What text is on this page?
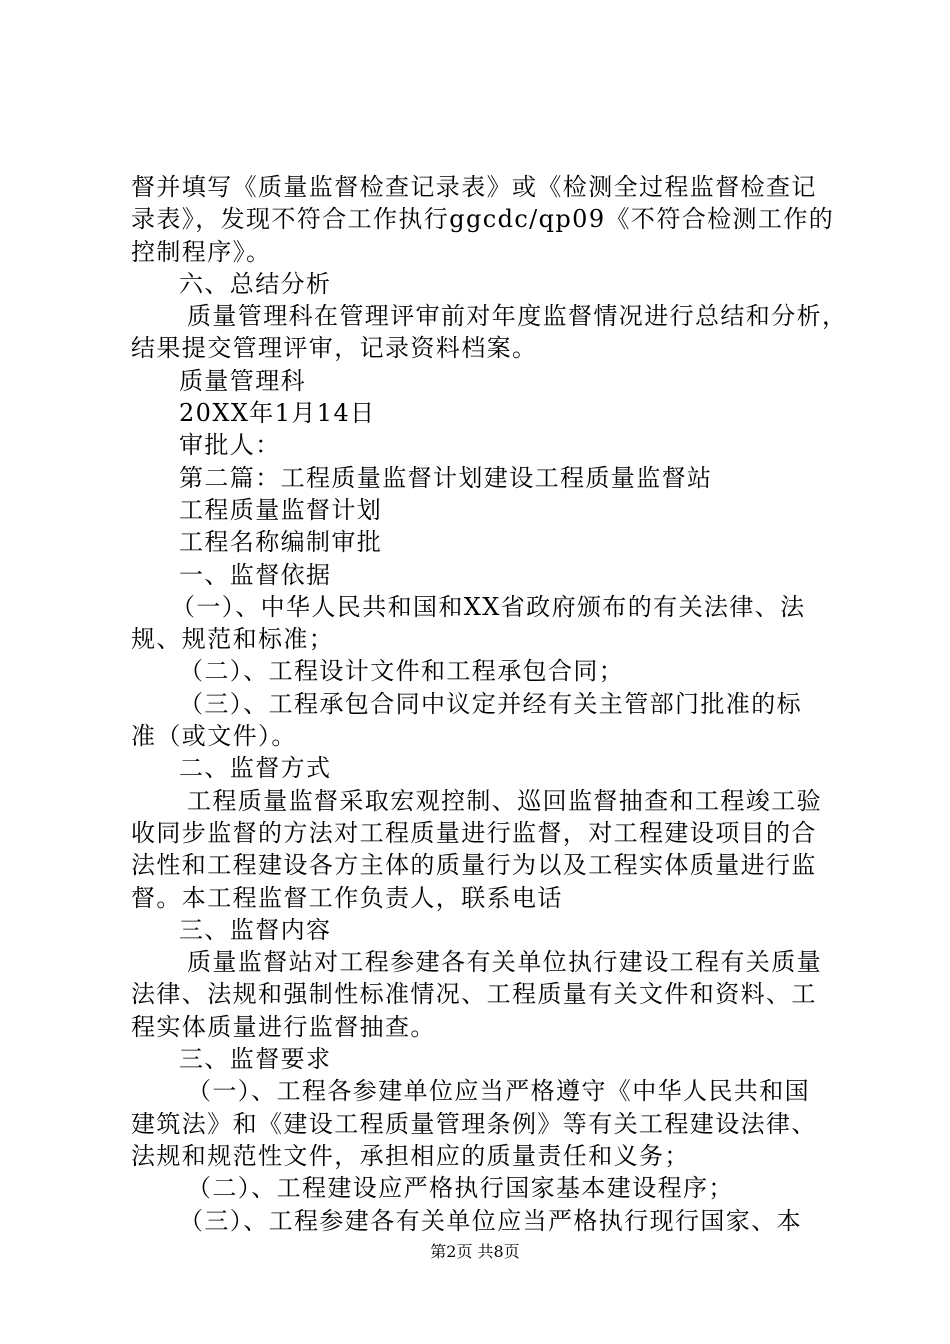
督并填写《质量监督检查记录表》或《检测全过程监督检查记
录表》，发现不符合工作执行ggcdc/qp09《不符合检测工作的
控制程序》。
六、总结分析
质量管理科在管理评审前对年度监督情况进行总结和分析，
结果提交管理评审，记录资料档案。
质量管理科
20XX年1月14日
审批人：
第二篇：工程质量监督计划建设工程质量监督站
工程质量监督计划
工程名称编制审批
一、监督依据
（一）、中华人民共和国和XX省政府颁布的有关法律、法
规、规范和标准；
（二）、工程设计文件和工程承包合同；
（三）、工程承包合同中议定并经有关主管部门批准的标
准（或文件）。
二、监督方式
工程质量监督采取宏观控制、巡回监督抽查和工程竣工验
收同步监督的方法对工程质量进行监督，对工程建设项目的合
法性和工程建设各方主体的质量行为以及工程实体质量进行监
督。本工程监督工作负责人，联系电话
三、监督内容
质量监督站对工程参建各有关单位执行建设工程有关质量
法律、法规和强制性标准情况、工程质量有关文件和资料、工
程实体质量进行监督抽查。
三、监督要求
（一）、工程各参建单位应当严格遵守《中华人民共和国
建筑法》和《建设工程质量管理条例》等有关工程建设法律、
法规和规范性文件，承担相应的质量责任和义务；
（二）、工程建设应严格执行国家基本建设程序；
（三）、工程参建各有关单位应当严格执行现行国家、本
第2页 共8页
